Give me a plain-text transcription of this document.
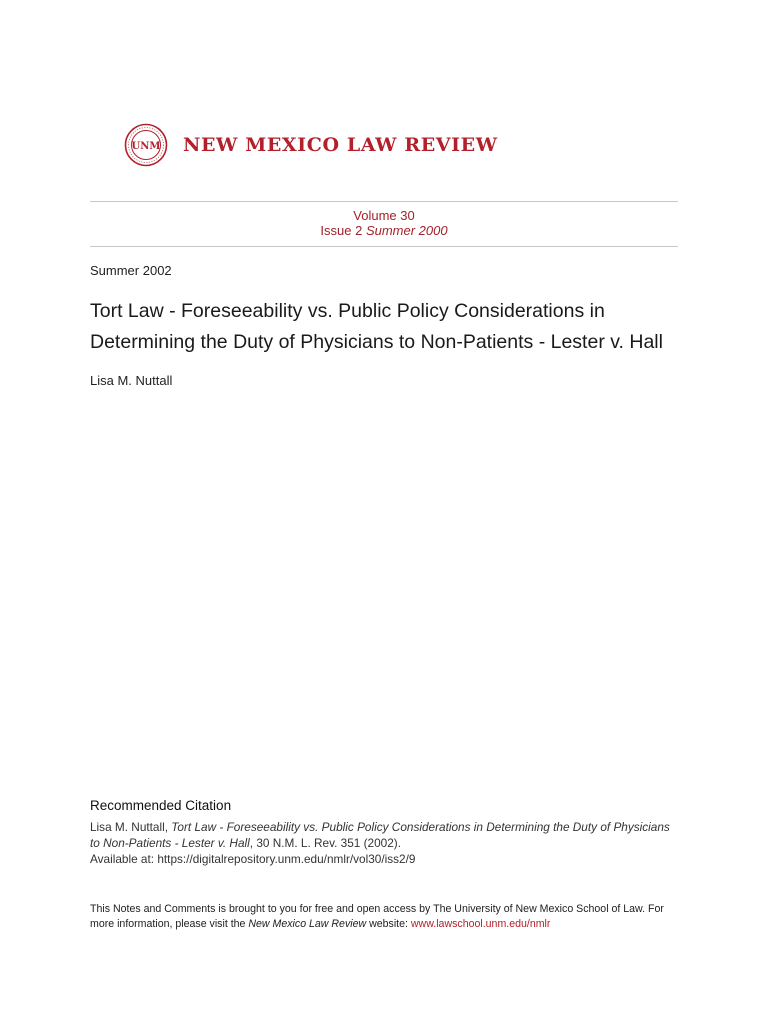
UNM NEW MEXICO LAW REVIEW
Volume 30
Issue 2 Summer 2000
Summer 2002
Tort Law - Foreseeability vs. Public Policy Considerations in Determining the Duty of Physicians to Non-Patients - Lester v. Hall
Lisa M. Nuttall
Recommended Citation
Lisa M. Nuttall, Tort Law - Foreseeability vs. Public Policy Considerations in Determining the Duty of Physicians to Non-Patients - Lester v. Hall, 30 N.M. L. Rev. 351 (2002).
Available at: https://digitalrepository.unm.edu/nmlr/vol30/iss2/9
This Notes and Comments is brought to you for free and open access by The University of New Mexico School of Law. For more information, please visit the New Mexico Law Review website: www.lawschool.unm.edu/nmlr
